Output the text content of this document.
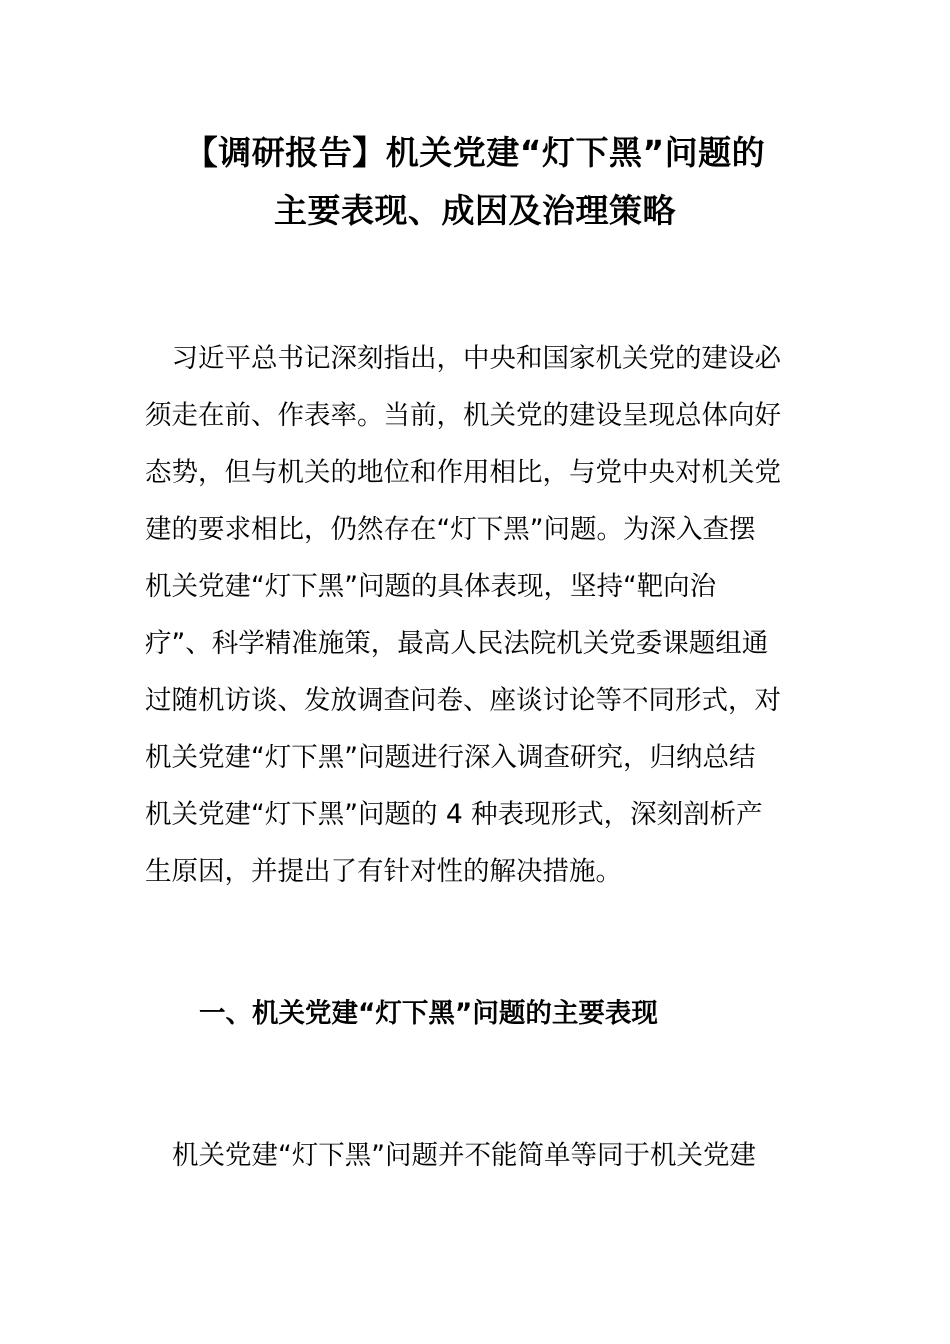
【调研报告】机关党建“灯下黑”问题的
主要表现、成因及治理策略
　习近平总书记深刻指出，中央和国家机关党的建设必
须走在前、作表率。当前，机关党的建设呈现总体向好
态势，但与机关的地位和作用相比，与党中央对机关党
建的要求相比，仍然存在“灯下黑”问题。为深入查摆
机关党建“灯下黑”问题的具体表现，坚持“靶向治
疗”、科学精准施策，最高人民法院机关党委课题组通
过随机访谈、发放调查问卷、座谈讨论等不同形式，对
机关党建“灯下黑”问题进行深入调查研究，归纳总结
机关党建“灯下黑”问题的 4 种表现形式，深刻剖析产
生原因，并提出了有针对性的解决措施。
一、机关党建“灯下黑”问题的主要表现

机关党建“灯下黑”问题并不能简单等同于机关党建
